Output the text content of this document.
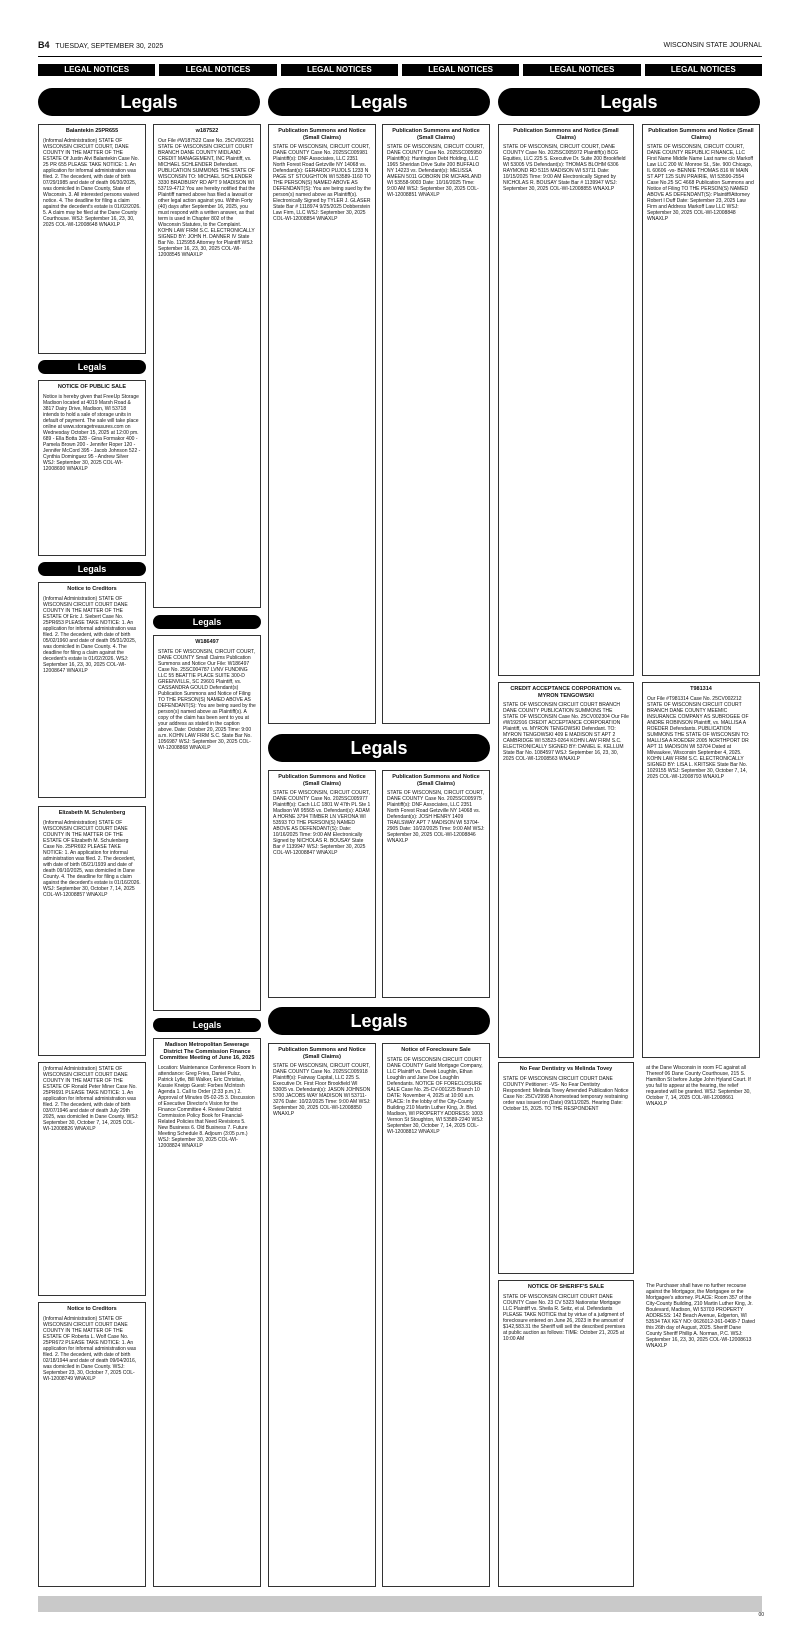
B4 TUESDAY, SEPTEMBER 30, 2025	WISCONSIN STATE JOURNAL
LEGAL NOTICES	LEGAL NOTICES	LEGAL NOTICES	LEGAL NOTICES	LEGAL NOTICES	LEGAL NOTICES
Legals	Legals	Legals
Legals
Legals
Legals
Legals
Legals
Legals
Balantekin 25PR655

(Informal Administration) STATE OF WISCONSIN CIRCUIT COURT, DANE COUNTY IN THE MATTER OF THE ESTATE Of Justin Alvi Balantekin Case No. 25 PR 655 PLEASE TAKE NOTICE: 1. An application for informal administration was filed. 2. The decedent, with date of birth 07/29/1985 and date of death 06/30/2025, was domiciled in Dane County, State of Wisconsin. 3. All interested persons waived notice. 4. The deadline for filing a claim against the decedent's estate is 01/02/2026. 5. A claim may be filed at the Dane County Courthouse. WSJ: September 16, 23, 30, 2025 COL-WI-12008648 WNAXLP

NOTICE OF PUBLIC SALE

Notice is hereby given that FreeUp Storage Madison located at 4019 Marsh Road & 3817 Dairy Drive, Madison, WI 53718 intends to hold a sale of storage units in default of payment. The sale will take place online at www.storagetreasures.com on Wednesday October 15, 2025 at 12:00 pm. 689 - Ella Botta 328 - Gina Formakor 400 - Pamela Brown 200 - Jennifer Roper 120 - Jennifer McCord 395 - Jacob Johnson 522 - Cynthia Dominguez 95 - Andrew Silver WSJ: September 30, 2025 COL-WI-12008690 WNAXLP

Notice to Creditors

(Informal Administration) STATE OF WISCONSIN CIRCUIT COURT DANE COUNTY IN THE MATTER OF THE ESTATE Of Eric J. Siebert Case No. 25PR653 PLEASE TAKE NOTICE: 1. An application for informal administration was filed. 2. The decedent, with date of birth 05/02/1960 and date of death 05/31/2025, was domiciled in Dane County. 4. The deadline for filing a claim against the decedent's estate is 01/02/2026. WSJ: September 16, 23, 30, 2025 COL-WI-12008647 WNAXLP

Elizabeth M. Schulenberg

(Informal Administration) STATE OF WISCONSIN CIRCUIT COURT DANE COUNTY IN THE MATTER OF THE ESTATE OF Elizabeth M. Schulenberg Case No. 25PR692 PLEASE TAKE NOTICE: 1. An application for informal administration was filed. 2. The decedent, with date of birth 05/21/1939 and date of death 09/10/2025, was domiciled in Dane County. 4. The deadline for filing a claim against the decedent's estate is 01/16/2026. WSJ: September 30, October 7, 14, 2025 COL-WI-12008857 WNAXLP

(Informal Administration) STATE OF WISCONSIN CIRCUIT COURT DANE COUNTY IN THE MATTER OF THE ESTATE OF Ronald Peter Miner Case No. 25PR691 PLEASE TAKE NOTICE: 1. An application for informal administration was filed. 2. The decedent, with date of birth 03/07/1946 and date of death July 29th 2025, was domiciled in Dane County. WSJ: September 30, October 7, 14, 2025 COL-WI-12008826 WNAXLP

Notice to Creditors

(Informal Administration) STATE OF WISCONSIN CIRCUIT COURT DANE COUNTY IN THE MATTER OF THE ESTATE OF Roberta L. Wolf Case No. 25PR672 PLEASE TAKE NOTICE: 1. An application for informal administration was filed. 2. The decedent, with date of birth 02/18/1944 and date of death 09/04/2016, was domiciled in Dane County. WSJ: September 23, 30, October 7, 2025 COL-WI-12008749 WNAXLP

w187522

Our File #W187522 Case No. 25CV002251 STATE OF WISCONSIN CIRCUIT COURT BRANCH DANE COUNTY MIDLAND CREDIT MANAGEMENT, INC Plaintiff, vs. MICHAEL SCHLENDER Defendant. PUBLICATION SUMMONS THE STATE OF WISCONSIN TO: MICHAEL SCHLENDER 3330 BRADBURY RD APT 9 MADISON WI 53719-4712 You are hereby notified that the Plaintiff named above has filed a lawsuit or other legal action against you. Within Forty (40) days after September 16, 2025, you must respond with a written answer, as that term is used in Chapter 802 of the Wisconsin Statutes, to the Complaint. KOHN LAW FIRM S.C. ELECTRONICALLY SIGNED BY: JOHN H. DANNER IV State Bar No. 1125955 Attorney for Plaintiff WSJ: September 16, 23, 30, 2025 COL-WI-12008545 WNAXLP

W186497

STATE OF WISCONSIN, CIRCUIT COURT, DANE COUNTY Small Claims Publication Summons and Notice Our File: W186497 Case No. 25SC004787 LVNV FUNDING LLC 55 BEATTIE PLACE SUITE 300-D GREENVILLE, SC 29601 Plaintiff, vs. CASSANDRA GOULD Defendant(s) Publication Summons and Notice of Filing TO THE PERSON(S) NAMED ABOVE AS DEFENDANT(S): You are being sued by the person(s) named above as Plaintiff(s). A copy of the claim has been sent to you at your address as stated in the caption above. Date: October 20, 2025 Time: 9:00 a.m. KOHN LAW FIRM S.C. State Bar No. 1056987 WSJ: September 30, 2025 COL-WI-12008868 WNAXLP

Madison Metropolitan Sewerage District The Commission Finance Committee Meeting of June 16, 2025

Location: Maintenance Conference Room In attendance: Greg Fries, Daniel Pulsz, Patrick Lytle, Bill Walker, Eric Christian, Kassie Kneipp Guest: Forbes McIntosh Agenda 1. Call to Order (2:33 p.m.) 2. Approval of Minutes 05-02-25 3. Discussion of Executive Director's Vision for the Finance Committee 4. Review District Commission Policy Book for Financial-Related Policies that Need Revisions 5. New Business 6. Old Business 7. Future Meeting Schedule 8. Adjourn (3:05 p.m.) WSJ: September 30, 2025 COL-WI-12008824 WNAXLP

Publication Summons and Notice (Small Claims)

STATE OF WISCONSIN, CIRCUIT COURT, DANE COUNTY Case No. 2025SC005981 Plaintiff(s): DNF Associates, LLC 2351 North Forest Road Getzville NY 14068 vs. Defendant(s): GERARDO PUJOLS 1233 N PAGE ST STOUGHTON WI 53589-1160 TO THE PERSON(S) NAMED ABOVE AS DEFENDANT(S): You are being sued by the person(s) named above as Plaintiff(s). Electronically Signed by TYLER J. GLASER State Bar # 1118974 9/25/2025 Dobberstein Law Firm, LLC WSJ: September 30, 2025 COL-WI-12008854 WNAXLP

Publication Summons and Notice (Small Claims)

STATE OF WISCONSIN, CIRCUIT COURT, DANE COUNTY Case No. 2025SC005977 Plaintiff(s): Cach LLC 1801 W 47th PL Ste 1 Madison WI 95565 vs. Defendant(s): ADAM A HORNE 3794 TIMBER LN VERONA WI 53593 TO THE PERSON(S) NAMED ABOVE AS DEFENDANT(S): Date: 10/16/2025 Time: 9:00 AM Electronically Signed by NICHOLAS R. BOUSAY State Bar # 1139947 WSJ: September 30, 2025 COL-WI-12008847 WNAXLP

Publication Summons and Notice (Small Claims)

STATE OF WISCONSIN, CIRCUIT COURT, DANE COUNTY Case No. 2025SC005918 Plaintiff(s): Fairway Capital, LLC 225 S. Executive Dr. First Floor Brookfield WI 53005 vs. Defendant(s): JASON JOHNSON 5700 JACOBS WAY MADISON WI 53711-3276 Date: 10/22/2025 Time: 9:00 AM WSJ: September 30, 2025 COL-WI-12008850 WNAXLP

Publication Summons and Notice (Small Claims)

STATE OF WISCONSIN, CIRCUIT COURT, DANE COUNTY Case No. 2025SC005950 Plaintiff(s): Huntington Debt Holding, LLC 1965 Sheridan Drive Suite 200 BUFFALO NY 14223 vs. Defendant(s): MELISSA AMEEN 5011 GOBORN DR MCFARLAND WI 53558-9003 Date: 10/16/2025 Time: 9:00 AM WSJ: September 30, 2025 COL-WI-12008851 WNAXLP

Publication Summons and Notice (Small Claims)

STATE OF WISCONSIN, CIRCUIT COURT, DANE COUNTY Case No. 2025SC005975 Plaintiff(s): DNF Associates, LLC 2351 North Forest Road Getzville NY 14068 vs. Defendant(s): JOSH HENRY 1409 TRAILSWAY APT 7 MADISON WI 53704-2905 Date: 10/22/2025 Time: 9:00 AM WSJ: September 30, 2025 COL-WI-12008846 WNAXLP

Notice of Foreclosure Sale

STATE OF WISCONSIN CIRCUIT COURT DANE COUNTY Guild Mortgage Company, LLC Plaintiff vs. Derek Loughlin, Ethan Loughlin and Jane Doe Loughlin Defendants. NOTICE OF FORECLOSURE SALE Case No. 25-CV-001225 Branch 10 DATE: November 4, 2025 at 10:00 a.m. PLACE: In the lobby of the City-County Building 210 Martin Luther King, Jr. Blvd. Madison, WI PROPERTY ADDRESS: 1003 Vernon St Stoughton, WI 53589-2240 WSJ: September 30, October 7, 14, 2025 COL-WI-12008812 WNAXLP

Publication Summons and Notice (Small Claims)

STATE OF WISCONSIN, CIRCUIT COURT, DANE COUNTY Case No. 2025SC005972 Plaintiff(s) BCG Equities, LLC 225 S. Executive Dr. Suite 200 Brookfield WI 53005 VS Defendant(s): THOMAS BLOHM 6306 RAYMOND RD 5115 MADISON WI 53711 Date: 10/15/2025 Time: 9:00 AM Electronically Signed by NICHOLAS R. BOUSAY State Bar # 1139947 WSJ: September 30, 2025 COL-WI-12008855 WNAXLP

CREDIT ACCEPTANCE CORPORATION vs. MYRON TENGOWSKI

STATE OF WISCONSIN CIRCUIT COURT BRANCH DANE COUNTY PUBLICATION SUMMONS THE STATE OF WISCONSIN Case No. 25CV002304 Our File #W192916 CREDIT ACCEPTANCE CORPORATION Plaintiff, vs. MYRON TENGOWSKI Defendant. TO: MYRON TENGOWSKI 409 E MADISON ST APT 2 CAMBRIDGE WI 53523-0264 KOHN LAW FIRM S.C. ELECTRONICALLY SIGNED BY: DANIEL E. KELLUM State Bar No. 1084597 WSJ: September 16, 23, 30, 2025 COL-WI-12008563 WNAXLP

No Fear Dentistry vs Melinda Tovey

STATE OF WISCONSIN CIRCUIT COURT DANE COUNTY Petitioner: -VS- No Fear Dentistry Respondent: Melinda Tovey Amended Publication Notice Case No: 25CV2998 A homestead temporary restraining order was issued on (Date) 09/11/2025. Hearing Date: October 15, 2025. TO THE RESPONDENT

NOTICE OF SHERIFF'S SALE

STATE OF WISCONSIN CIRCUIT COURT DANE COUNTY Case No. 23 CV 5323 Nationstar Mortgage LLC Plaintiff vs. Sheila R. Seitz, et al. Defendants PLEASE TAKE NOTICE that by virtue of a judgment of foreclosure entered on June 26, 2023 in the amount of $142,583.31 the Sheriff will sell the described premises at public auction as follows: TIME: October 21, 2025 at 10:00 AM

Publication Summons and Notice (Small Claims)

STATE OF WISCONSIN, CIRCUIT COURT, DANE COUNTY REPUBLIC FINANCE, LLC First Name Middle Name Last name c/o Markoff Law LLC 200 W. Monroe St., Ste. 900 Chicago, IL 60606 -vs- BENNIE THOMAS 816 W MAIN ST APT 125 SUN PRAIRIE, WI 53590-2554 Case No.25 SC 4668 Publication Summons and Notice of Filing TO THE PERSON(S) NAMED ABOVE AS DEFENDANT(S): Plaintiff/Attorney Robert I Duff Date: September 23, 2025 Law Firm and Address Markoff Law LLC WSJ: September 30, 2025 COL-WI-12008848 WNAXLP

T981314

Our File #T981314 Case No. 25CV002212 STATE OF WISCONSIN CIRCUIT COURT BRANCH DANE COUNTY MEEMIC INSURANCE COMPANY AS SUBROGEE OF ANDRE ROBINSON Plaintiff, vs. MALLISA A ROEDER Defendants. PUBLICATION SUMMONS THE STATE OF WISCONSIN TO: MALLISA A ROEDER 2005 NORTHPORT DR APT 11 MADISON WI 53704 Dated at Milwaukee, Wisconsin September 4, 2025. KOHN LAW FIRM S.C. ELECTRONICALLY SIGNED BY: LISA L. KRITSKE State Bar No. 1029155 WSJ: September 30, October 7, 14, 2025 COL-WI-12008793 WNAXLP

at the Dane Wisconsin in room FC against all Thereof 06 Dane County Courthouse, 215 S. Hamilton St before Judge John Hyland Court. If you fail to appear at the hearing, the relief requested will be granted. WSJ: September 30, October 7, 14, 2025 COL-WI-12008661 WNAXLP

The Purchaser shall have no further recourse against the Mortgagor, the Mortgagee or the Mortgagee's attorney. PLACE: Room 357 of the City-County Building, 210 Martin Luther King, Jr. Boulevard, Madison, WI 53703 PROPERTY ADDRESS: 142 Beach Avenue, Edgerton, WI 53534 TAX KEY NO: 0626012-361-0408-7 Dated this 26th day of August, 2025. Sheriff Dane County Sheriff Phillip A. Norman, P.C. WSJ: September 16, 23, 30, 2025 COL-WI-12008613 WNAXLP

00
